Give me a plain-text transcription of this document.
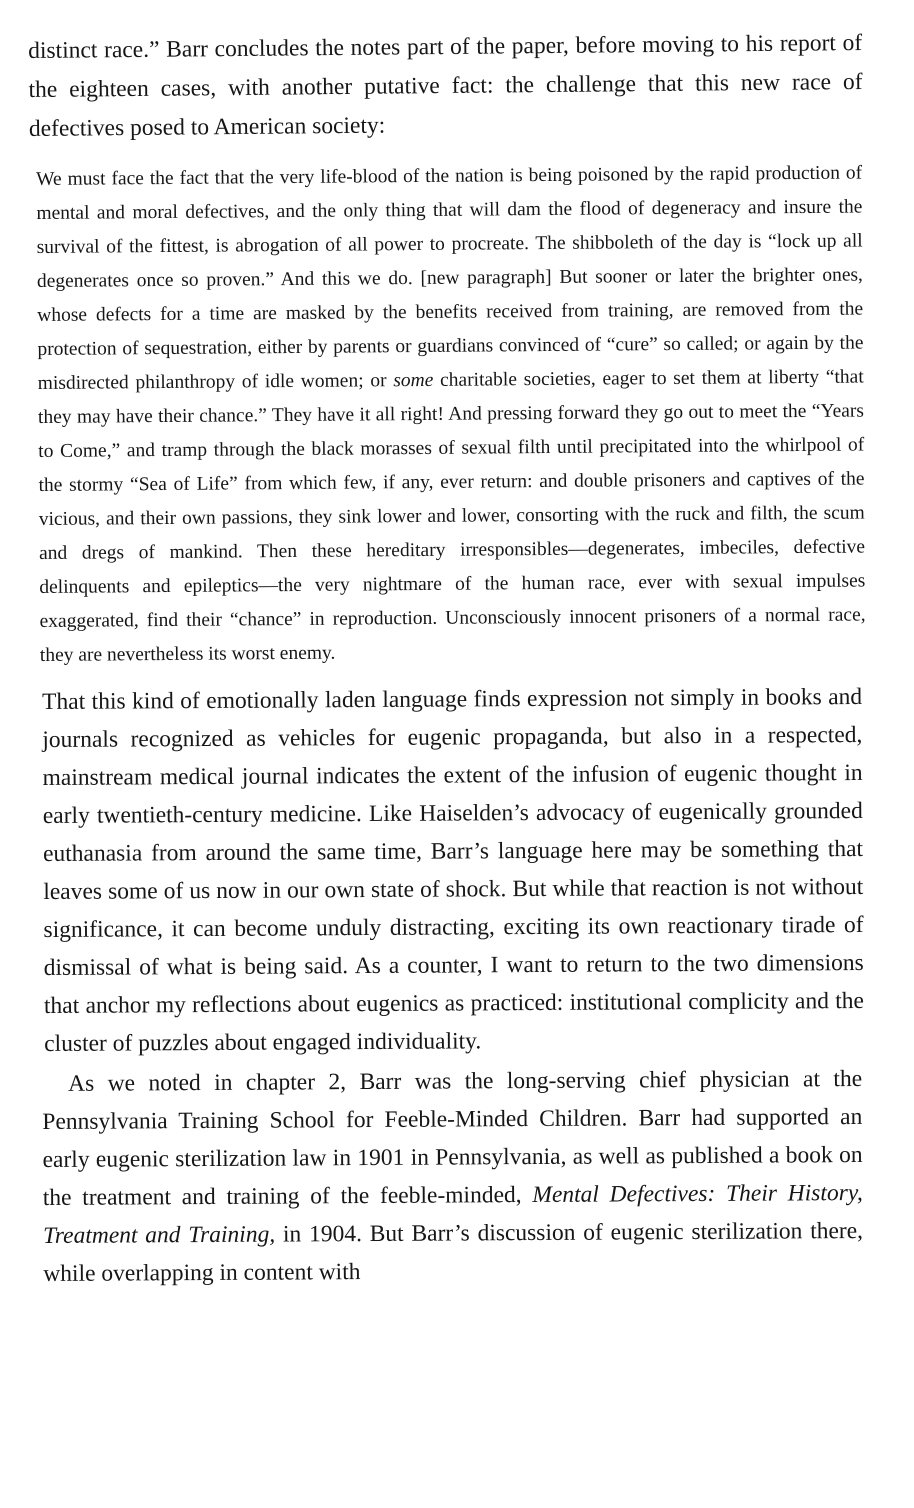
distinct race.” Barr concludes the notes part of the paper, before moving to his report of the eighteen cases, with another putative fact: the challenge that this new race of defectives posed to American society:

We must face the fact that the very life-blood of the nation is being poisoned by the rapid production of mental and moral defectives, and the only thing that will dam the flood of degeneracy and insure the survival of the fittest, is abrogation of all power to procreate. The shibboleth of the day is “lock up all degenerates once so proven.” And this we do. [new paragraph] But sooner or later the brighter ones, whose defects for a time are masked by the benefits received from training, are removed from the protection of sequestration, either by parents or guardians convinced of “cure” so called; or again by the misdirected philanthropy of idle women; or some charitable societies, eager to set them at liberty “that they may have their chance.” They have it all right! And pressing forward they go out to meet the “Years to Come,” and tramp through the black morasses of sexual filth until precipitated into the whirlpool of the stormy “Sea of Life” from which few, if any, ever return: and double prisoners and captives of the vicious, and their own passions, they sink lower and lower, consorting with the ruck and filth, the scum and dregs of mankind. Then these hereditary irresponsibles—degenerates, imbeciles, defective delinquents and epileptics—the very nightmare of the human race, ever with sexual impulses exaggerated, find their “chance” in reproduction. Unconsciously innocent prisoners of a normal race, they are nevertheless its worst enemy.

That this kind of emotionally laden language finds expression not simply in books and journals recognized as vehicles for eugenic propaganda, but also in a respected, mainstream medical journal indicates the extent of the infusion of eugenic thought in early twentieth-century medicine. Like Haiselden’s advocacy of eugenically grounded euthanasia from around the same time, Barr’s language here may be something that leaves some of us now in our own state of shock. But while that reaction is not without significance, it can become unduly distracting, exciting its own reactionary tirade of dismissal of what is being said. As a counter, I want to return to the two dimensions that anchor my reflections about eugenics as practiced: institutional complicity and the cluster of puzzles about engaged individuality.

As we noted in chapter 2, Barr was the long-serving chief physician at the Pennsylvania Training School for Feeble-Minded Children. Barr had supported an early eugenic sterilization law in 1901 in Pennsylvania, as well as published a book on the treatment and training of the feeble-minded, Mental Defectives: Their History, Treatment and Training, in 1904. But Barr’s discussion of eugenic sterilization there, while overlapping in content with
